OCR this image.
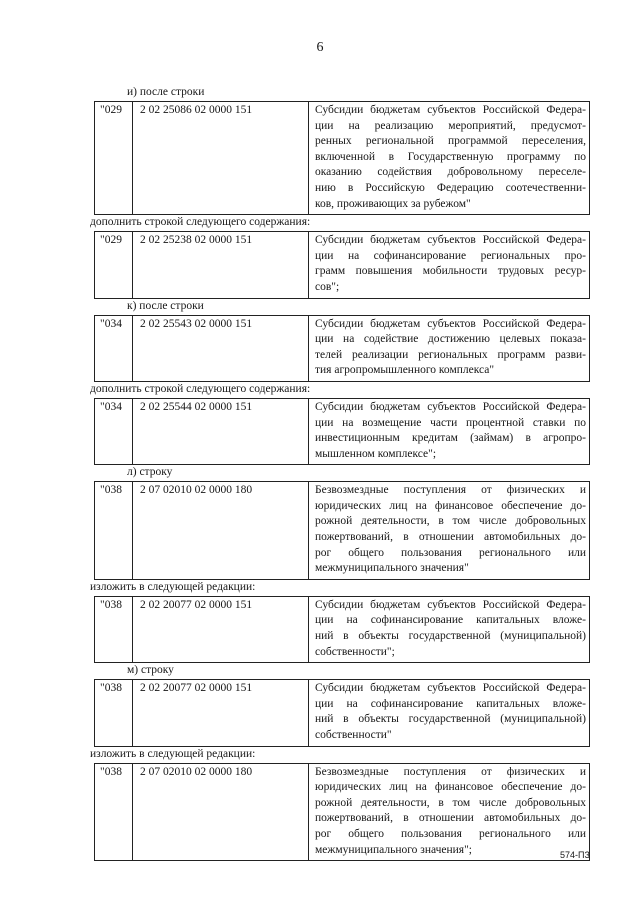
6
и) после строки
"029 2 02 25086 02 0000 151	Субсидии бюджетам субъектов Российской Федера-
ции на реализацию мероприятий, предусмот-
ренных региональной программой переселения,
включенной в Государственную программу по
оказанию содействия добровольному переселе-
нию в Российскую Федерацию соотечественни-
ков, проживающих за рубежом"
дополнить строкой следующего содержания:
"029 2 02 25238 02 0000 151	Субсидии бюджетам субъектов Российской Федера-
ции на софинансирование региональных про-
грамм повышения мобильности трудовых ресур-
сов";
к) после строки
"034 2 02 25543 02 0000 151	Субсидии бюджетам субъектов Российской Федера-
ции на содействие достижению целевых показа-
телей реализации региональных программ разви-
тия агропромышленного комплекса"
дополнить строкой следующего содержания:
"034 2 02 25544 02 0000 151	Субсидии бюджетам субъектов Российской Федера-
ции на возмещение части процентной ставки по
инвестиционным кредитам (займам) в агропро-
мышленном комплексе";
л) строку
"038 2 07 02010 02 0000 180	Безвозмездные поступления от физических и
юридических лиц на финансовое обеспечение до-
рожной деятельности, в том числе добровольных
пожертвований, в отношении автомобильных до-
рог общего пользования регионального или
межмуниципального значения"
изложить в следующей редакции:
"038 2 02 20077 02 0000 151	Субсидии бюджетам субъектов Российской Федера-
ции на софинансирование капитальных вложе-
ний в объекты государственной (муниципальной)
собственности";
м) строку
"038 2 02 20077 02 0000 151	Субсидии бюджетам субъектов Российской Федера-
ции на софинансирование капитальных вложе-
ний в объекты государственной (муниципальной)
собственности"
изложить в следующей редакции:
"038 2 07 02010 02 0000 180	Безвозмездные поступления от физических и
юридических лиц на финансовое обеспечение до-
рожной деятельности, в том числе добровольных
пожертвований, в отношении автомобильных до-
рог общего пользования регионального или
межмуниципального значения";	574-ПЗ
